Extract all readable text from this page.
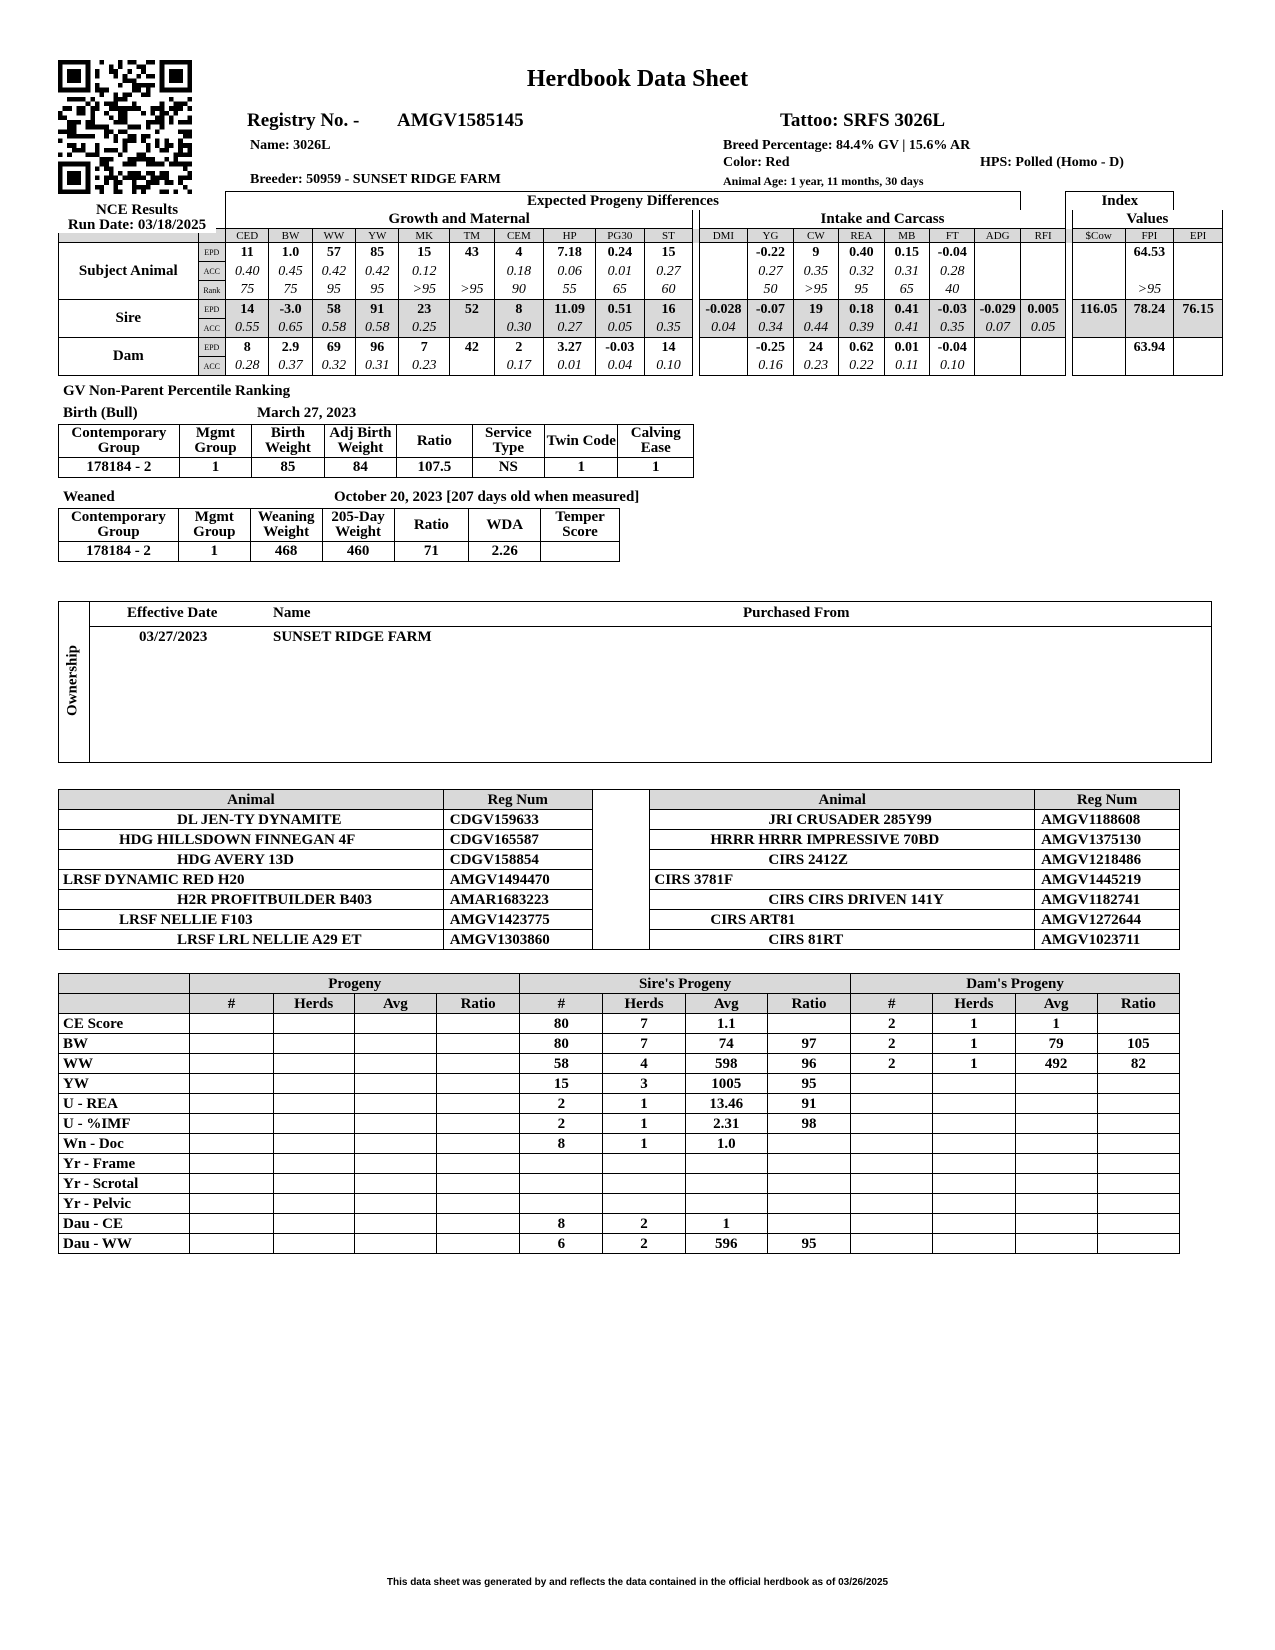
Herdbook Data Sheet
Registry No. - AMGV1585145	Tattoo: SRFS 3026L
Name: 3026L
Breeder: 50959 - SUNSET RIDGE FARM
Breed Percentage: 84.4% GV | 15.6% AR
Color: Red	HPS: Polled (Homo - D)
Animal Age: 1 year, 11 months, 30 days
		Expected Progeny Differences																			Index			
		Growth and Maternal											Intake and Carcass									Values		
		CED	BW	WW	YW	MK	TM	CEM	HP	PG30	ST		DMI	YG	CW	REA	MB	FT	ADG	RFI		$Cow	FPI	EPI
Subject Animal	EPD	11	1.0	57	85	15	43	4	7.18	0.24	15			-0.22	9	0.40	0.15	-0.04					64.53	
	ACC	0.40	0.45	0.42	0.42	0.12		0.18	0.06	0.01	0.27			0.27	0.35	0.32	0.31	0.28						
	Rank	75	75	95	95	>95	>95	90	55	65	60			50	>95	95	65	40					>95	
Sire	EPD	14	-3.0	58	91	23	52	8	11.09	0.51	16		-0.028	-0.07	19	0.18	0.41	-0.03	-0.029	0.005		116.05	78.24	76.15
	ACC	0.55	0.65	0.58	0.58	0.25		0.30	0.27	0.05	0.35		0.04	0.34	0.44	0.39	0.41	0.35	0.07	0.05				
Dam	EPD	8	2.9	69	96	7	42	2	3.27	-0.03	14			-0.25	24	0.62	0.01	-0.04					63.94	
	ACC	0.28	0.37	0.32	0.31	0.23		0.17	0.01	0.04	0.10			0.16	0.23	0.22	0.11	0.10						
NCE Results
Run Date: 03/18/2025
GV Non-Parent Percentile Ranking
Birth (Bull)	March 27, 2023
Contemporary Group	Mgmt Group	Birth Weight	Adj Birth Weight	Ratio	Service Type	Twin Code	Calving Ease
178184 - 2	1	85	84	107.5	NS	1	1
Weaned	October 20, 2023 [207 days old when measured]
Contemporary Group	Mgmt Group	Weaning Weight	205-Day Weight	Ratio	WDA	Temper Score
178184 - 2	1	468	460	71	2.26	
Ownership
Effective Date	Name	Purchased From
03/27/2023	SUNSET RIDGE FARM
Animal	Reg Num		Animal	Reg Num
DL JEN-TY DYNAMITE	CDGV159633		JRI CRUSADER 285Y99	AMGV1188608
HDG HILLSDOWN FINNEGAN 4F	CDGV165587		HRRR HRRR IMPRESSIVE 70BD	AMGV1375130
HDG AVERY 13D	CDGV158854		CIRS 2412Z	AMGV1218486
LRSF DYNAMIC RED H20	AMGV1494470		CIRS 3781F	AMGV1445219
H2R PROFITBUILDER B403	AMAR1683223		CIRS CIRS DRIVEN 141Y	AMGV1182741
LRSF NELLIE F103	AMGV1423775		CIRS ART81	AMGV1272644
LRSF LRL NELLIE A29 ET	AMGV1303860		CIRS 81RT	AMGV1023711
	Progeny				Sire's Progeny				Dam's Progeny			
	#	Herds	Avg	Ratio	#	Herds	Avg	Ratio	#	Herds	Avg	Ratio
CE Score					80	7	1.1		2	1	1	
BW					80	7	74	97	2	1	79	105
WW					58	4	598	96	2	1	492	82
YW					15	3	1005	95				
U - REA					2	1	13.46	91				
U - %IMF					2	1	2.31	98				
Wn - Doc					8	1	1.0					
Yr - Frame												
Yr - Scrotal												
Yr - Pelvic												
Dau - CE					8	2	1					
Dau - WW					6	2	596	95				
This data sheet was generated by and reflects the data contained in the official herdbook as of 03/26/2025
